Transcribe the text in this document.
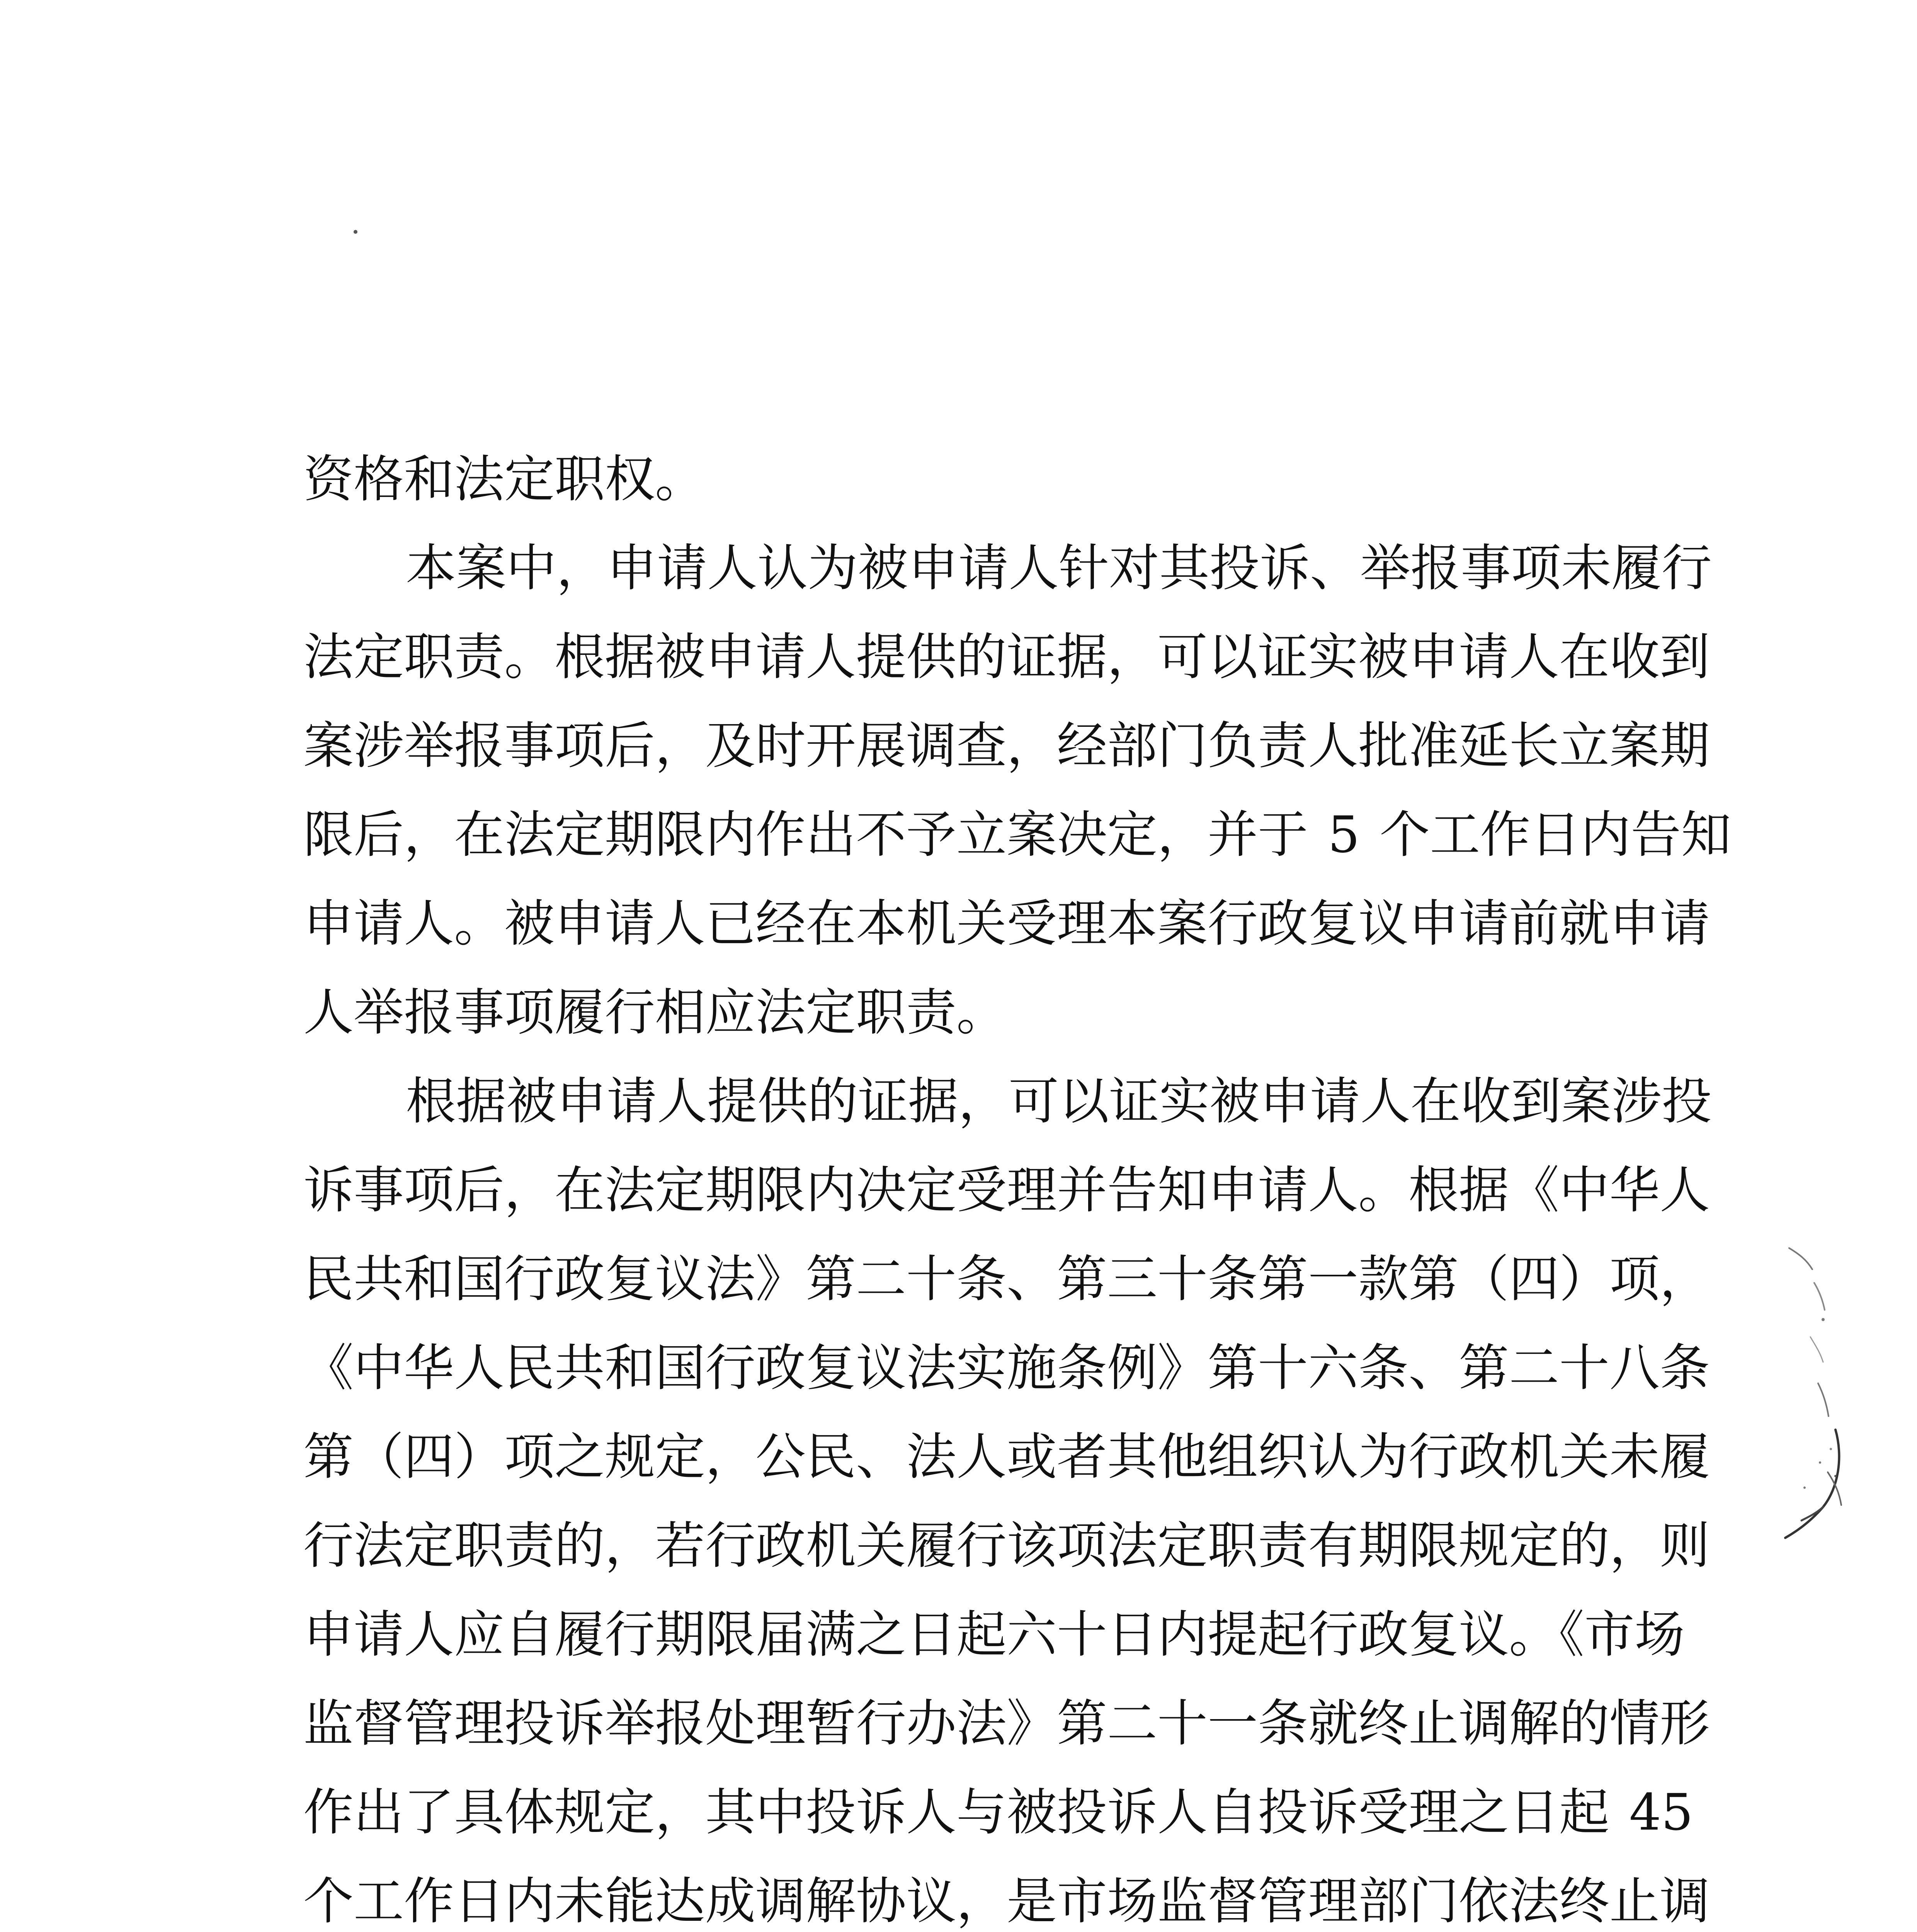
资格和法定职权。

本案中，申请人认为被申请人针对其投诉、举报事项未履行

法定职责。根据被申请人提供的证据，可以证实被申请人在收到

案涉举报事项后，及时开展调查，经部门负责人批准延长立案期

限后，在法定期限内作出不予立案决定，并于 5 个工作日内告知

申请人。被申请人已经在本机关受理本案行政复议申请前就申请

人举报事项履行相应法定职责。

根据被申请人提供的证据，可以证实被申请人在收到案涉投

诉事项后，在法定期限内决定受理并告知申请人。根据《中华人

民共和国行政复议法》第二十条、第三十条第一款第（四）项，

《中华人民共和国行政复议法实施条例》第十六条、第二十八条

第（四）项之规定，公民、法人或者其他组织认为行政机关未履

行法定职责的，若行政机关履行该项法定职责有期限规定的，则

申请人应自履行期限届满之日起六十日内提起行政复议。《市场

监督管理投诉举报处理暂行办法》第二十一条就终止调解的情形

作出了具体规定，其中投诉人与被投诉人自投诉受理之日起 45

个工作日内未能达成调解协议，是市场监督管理部门依法终止调
